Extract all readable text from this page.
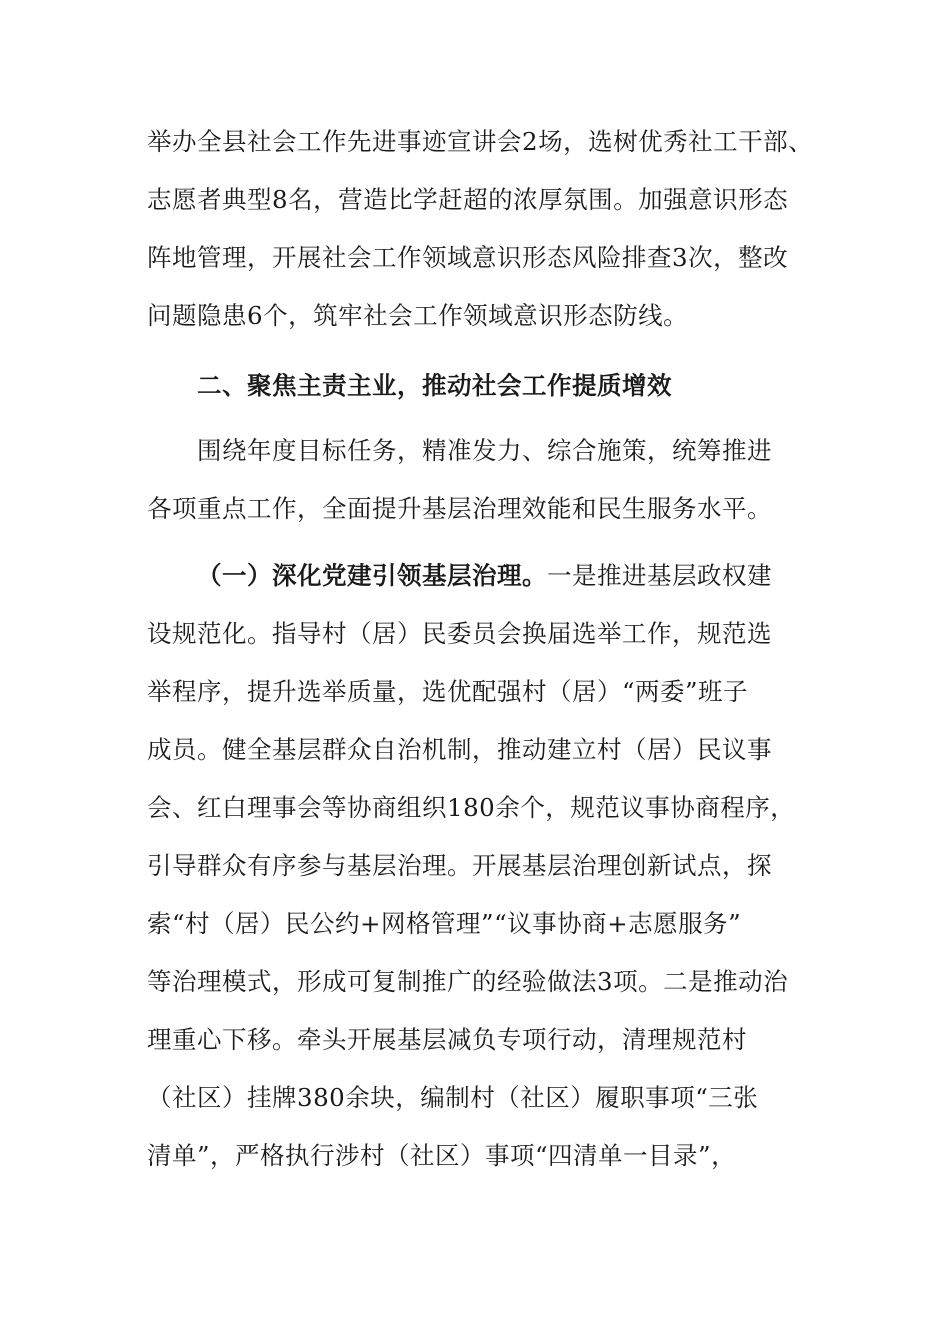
举办全县社会工作先进事迹宣讲会2场，选树优秀社工干部、
志愿者典型8名，营造比学赶超的浓厚氛围。加强意识形态
阵地管理，开展社会工作领域意识形态风险排查3次，整改
问题隐患6个，筑牢社会工作领域意识形态防线。
二、聚焦主责主业，推动社会工作提质增效
围绕年度目标任务，精准发力、综合施策，统筹推进
各项重点工作，全面提升基层治理效能和民生服务水平。
（一）深化党建引领基层治理。一是推进基层政权建
设规范化。指导村（居）民委员会换届选举工作，规范选
举程序，提升选举质量，选优配强村（居）“两委”班子
成员。健全基层群众自治机制，推动建立村（居）民议事
会、红白理事会等协商组织180余个，规范议事协商程序，
引导群众有序参与基层治理。开展基层治理创新试点，探
索“村（居）民公约+网格管理”“议事协商+志愿服务”
等治理模式，形成可复制推广的经验做法3项。二是推动治
理重心下移。牵头开展基层减负专项行动，清理规范村
（社区）挂牌380余块，编制村（社区）履职事项“三张
清单”，严格执行涉村（社区）事项“四清单一目录”，
